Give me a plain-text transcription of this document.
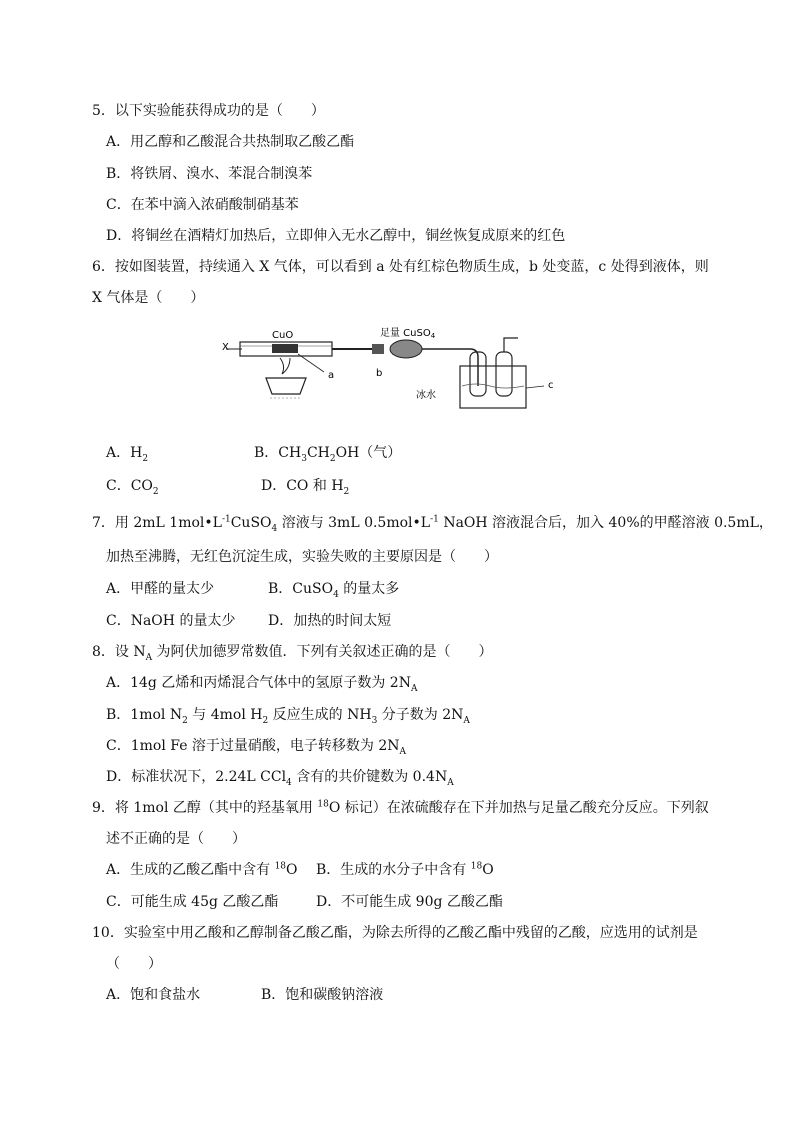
5．以下实验能获得成功的是（　　）
A．用乙醇和乙酸混合共热制取乙酸乙酯
B．将铁屑、溴水、苯混合制溴苯
C．在苯中滴入浓硝酸制硝基苯
D．将铜丝在酒精灯加热后，立即伸入无水乙醇中，铜丝恢复成原来的红色
6．按如图装置，持续通入 X 气体，可以看到 a 处有红棕色物质生成，b 处变蓝，c 处得到液体，则
X 气体是（　　）
X
CuO
a
足量 CuSO$_4$
b
冰水
c
A．$H_2$	B．$CH_3CH_2OH$（气）
C．$CO_2$	D．CO 和 $H_2$
7．用 2mL $1mol•L^{-1}CuSO_4$ 溶液与 3mL $0.5mol•L^{-1}$ NaOH 溶液混合后，加入 40%的甲醛溶液 0.5mL，
加热至沸腾，无红色沉淀生成，实验失败的主要原因是（　　）
A．甲醛的量太少	B．CuSO$_4$ 的量太多
C．NaOH 的量太少 D．加热的时间太短
8．设 $N_A$ 为阿伏加德罗常数值．下列有关叙述正确的是（　　）
A．14g 乙烯和丙烯混合气体中的氢原子数为 $2N_A$
B．1mol $N_2$ 与 4mol $H_2$ 反应生成的 $NH_3$ 分子数为 $2N_A$
C．1mol Fe 溶于过量硝酸，电子转移数为 $2N_A$
D．标准状况下，2.24L CCl$_4$ 含有的共价键数为 $0.4N_A$
9．将 1mol 乙醇（其中的羟基氧用 $^{18}$O 标记）在浓硫酸存在下并加热与足量乙酸充分反应。下列叙
述不正确的是（　　）
A．生成的乙酸乙酯中含有 $^{18}$O B．生成的水分子中含有 $^{18}$O
C．可能生成 45g 乙酸乙酯	D．不可能生成 90g 乙酸乙酯
10．实验室中用乙酸和乙醇制备乙酸乙酯，为除去所得的乙酸乙酯中残留的乙酸，应选用的试剂是
（　　）
A．饱和食盐水	B．饱和碳酸钠溶液
